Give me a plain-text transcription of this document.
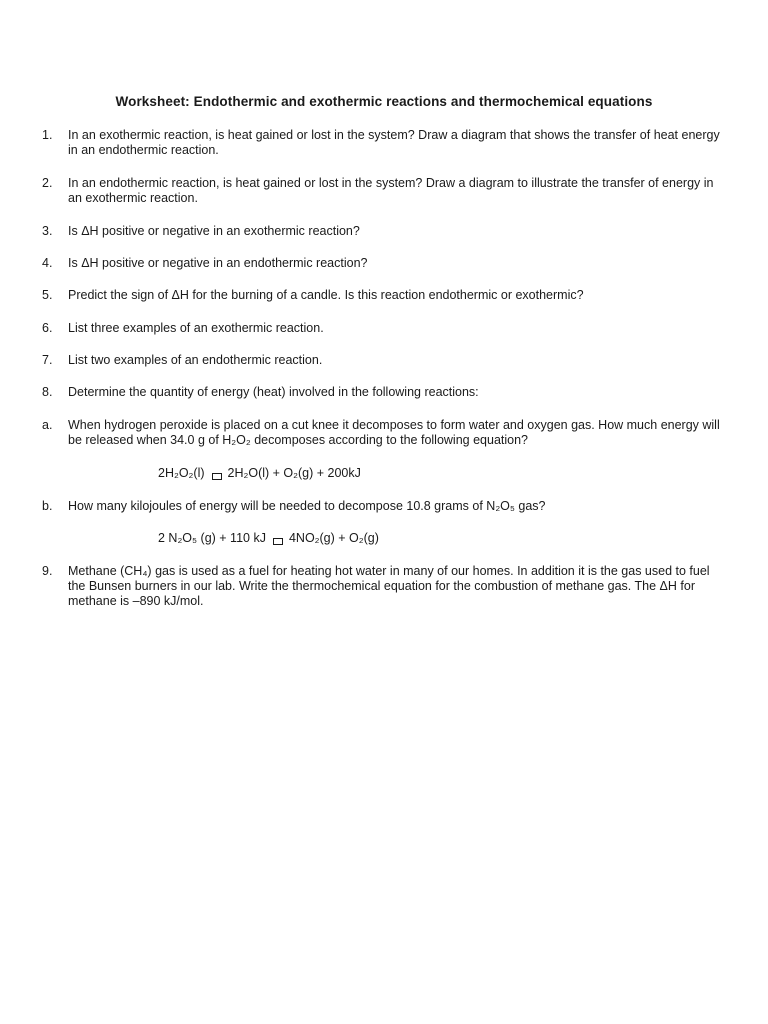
Worksheet: Endothermic and exothermic reactions and thermochemical equations
1.	In an exothermic reaction, is heat gained or lost in the system? Draw a diagram that shows the transfer of heat energy in an endothermic reaction.
2.	In an endothermic reaction, is heat gained or lost in the system? Draw a diagram to illustrate the transfer of energy in an exothermic reaction.
3.	Is ΔH positive or negative in an exothermic reaction?
4.	Is ΔH positive or negative in an endothermic reaction?
5.	Predict the sign of ΔH for the burning of a candle. Is this reaction endothermic or exothermic?
6.	List three examples of an exothermic reaction.
7.	List two examples of an endothermic reaction.
8.	Determine the quantity of energy (heat) involved in the following reactions:
a.	When hydrogen peroxide is placed on a cut knee it decomposes to form water and oxygen gas. How much energy will be released when 34.0 g of H₂O₂ decomposes according to the following equation?
2H₂O₂(l) 2H₂O(l) + O₂(g) + 200kJ
b.	How many kilojoules of energy will be needed to decompose 10.8 grams of N₂O₅ gas?
2 N₂O₅ (g) + 110 kJ 4NO₂(g) + O₂(g)
9.	Methane (CH₄) gas is used as a fuel for heating hot water in many of our homes. In addition it is the gas used to fuel the Bunsen burners in our lab. Write the thermochemical equation for the combustion of methane gas. The ΔH for methane is –890 kJ/mol.
